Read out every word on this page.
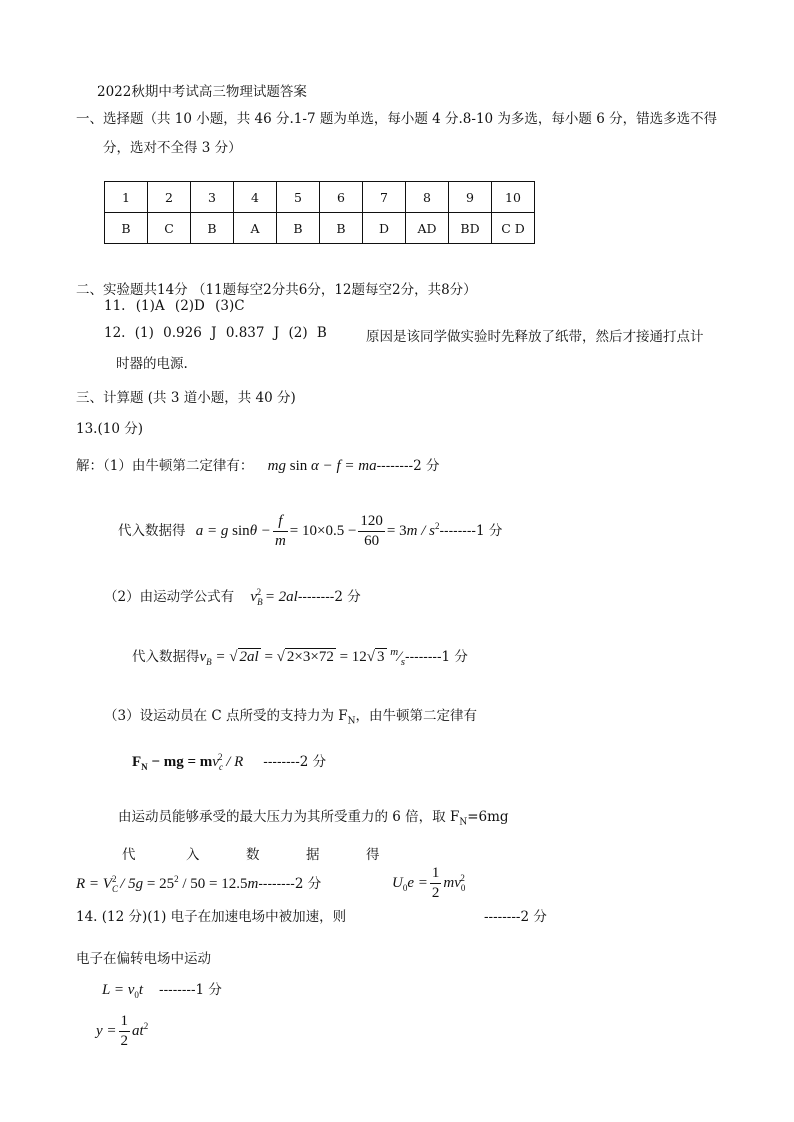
2022秋期中考试高三物理试题答案
一、选择题（共 10 小题，共 46 分.1-7 题为单选，每小题 4 分.8-10 为多选，每小题 6 分，错选多选不得
分，选对不全得 3 分）
1	2	3	4	5	6	7	8	9	10
B	C	B	A	B	B	D	AD	BD	C D
二、实验题共14分 （11题每空2分共6分，12题每空2分，共8分）
11. (1)A (2)D (3)C
12. (1) 0.926 J 0.837 J (2) B	原因是该同学做实验时先释放了纸带，然后才接通打点计
时器的电源.
三、计算题 (共 3 道小题，共 40 分)
13.(10 分)
解：（1）由牛顿第二定律有： mg sin α − f = ma--------2 分
代入数据得 a = g $\sin\theta - \frac{f}{m} = 10\times 0.5 - \frac{120}{60} = 3m / s^2--------1$ 分
（2）由运动学公式有 $v_B^2 = 2al--------2$ 分
代入数据得$v_B$ = √ 2al = √ 2×3×72 = 12√ 3 $^m⁄_s--------1$ 分
（3）设运动员在 C 点所受的支持力为 $F_N$，由牛顿第二定律有
$F_N$ − mg = $mv_c^2$ / R --------2 分
由运动员能够承受的最大压力为其所受重力的 6 倍，取 $F_N=6mg$
代	入	数	据	得
$R = V_C^2 / 5g = 25^2 / 50 = 12.5m--------2$ 分	$U_0e = \frac{1}{2} mv_0^2$
14. (12 分)(1) 电子在加速电场中被加速，则	--------2 分
电子在偏转电场中运动
$L = v_0t$ --------1 分
$y = \frac{1}{2} at^2$
